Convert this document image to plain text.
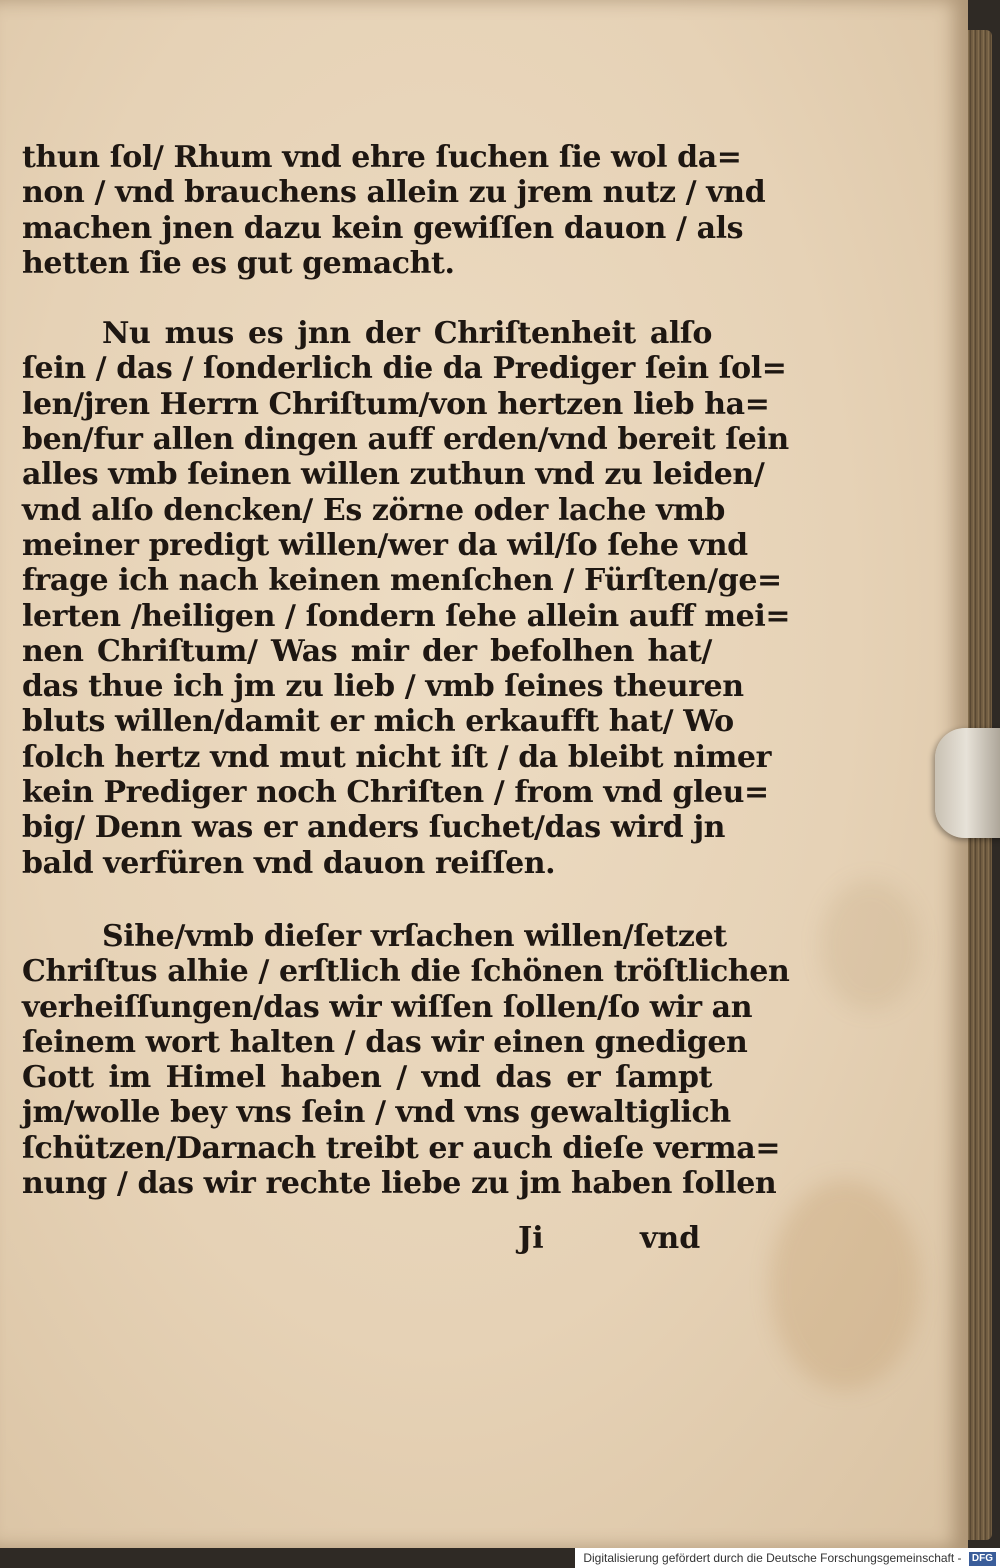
thun ſol/ Rhum vnd ehre ſuchen ſie wol da=
non / vnd brauchens allein zu jrem nutz / vnd
machen jnen dazu kein gewiſſen dauon / als
hetten ſie es gut gemacht.
Nu mus es jnn der Chriſtenheit alſo
ſein / das / ſonderlich die da Prediger ſein ſol=
len/jren Herrn Chriſtum/von hertzen lieb ha=
ben/fur allen dingen auff erden/vnd bereit ſein
alles vmb ſeinen willen zuthun vnd zu leiden/
vnd alſo dencken/ Es zörne oder lache vmb
meiner predigt willen/wer da wil/ſo ſehe vnd
frage ich nach keinen menſchen / Fürſten/ge=
lerten /heiligen / ſondern ſehe allein auff mei=
nen Chriſtum/ Was mir der befolhen hat/
das thue ich jm zu lieb / vmb ſeines theuren
bluts willen/damit er mich erkaufft hat/ Wo
ſolch hertz vnd mut nicht iſt / da bleibt nimer
kein Prediger noch Chriſten / from vnd gleu=
big/ Denn was er anders ſuchet/das wird jn
bald verfüren vnd dauon reiſſen.
Sihe/vmb dieſer vrſachen willen/ſetzet
Chriſtus alhie / erſtlich die ſchönen tröſtlichen
verheiſſungen/das wir wiſſen ſollen/ſo wir an
ſeinem wort halten / das wir einen gnedigen
Gott im Himel haben / vnd das er ſampt
jm/wolle bey vns ſein / vnd vns gewaltiglich
ſchützen/Darnach treibt er auch dieſe verma=
nung / das wir rechte liebe zu jm haben ſollen
Ji	vnd
Digitalisierung gefördert durch die Deutsche Forschungsgemeinschaft - DFG
